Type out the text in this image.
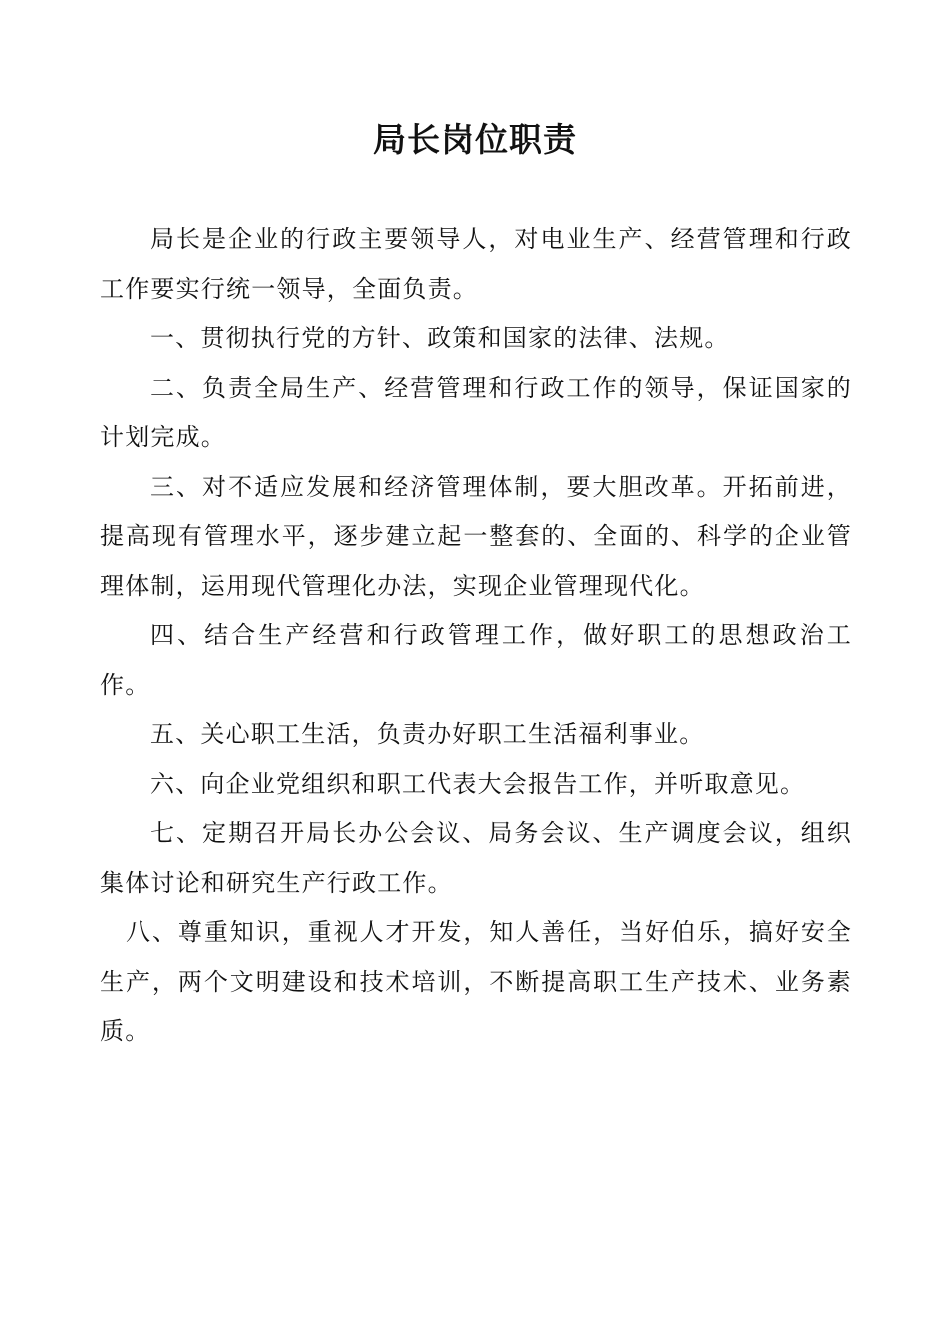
局长岗位职责

局长是企业的行政主要领导人，对电业生产、经营管理和行政工作要实行统一领导，全面负责。

一、贯彻执行党的方针、政策和国家的法律、法规。

二、负责全局生产、经营管理和行政工作的领导，保证国家的计划完成。

三、对不适应发展和经济管理体制，要大胆改革。开拓前进，提高现有管理水平，逐步建立起一整套的、全面的、科学的企业管理体制，运用现代管理化办法，实现企业管理现代化。

四、结合生产经营和行政管理工作，做好职工的思想政治工作。

五、关心职工生活，负责办好职工生活福利事业。

六、向企业党组织和职工代表大会报告工作，并听取意见。

七、定期召开局长办公会议、局务会议、生产调度会议，组织集体讨论和研究生产行政工作。

八、尊重知识，重视人才开发，知人善任，当好伯乐，搞好安全生产，两个文明建设和技术培训，不断提高职工生产技术、业务素质。
